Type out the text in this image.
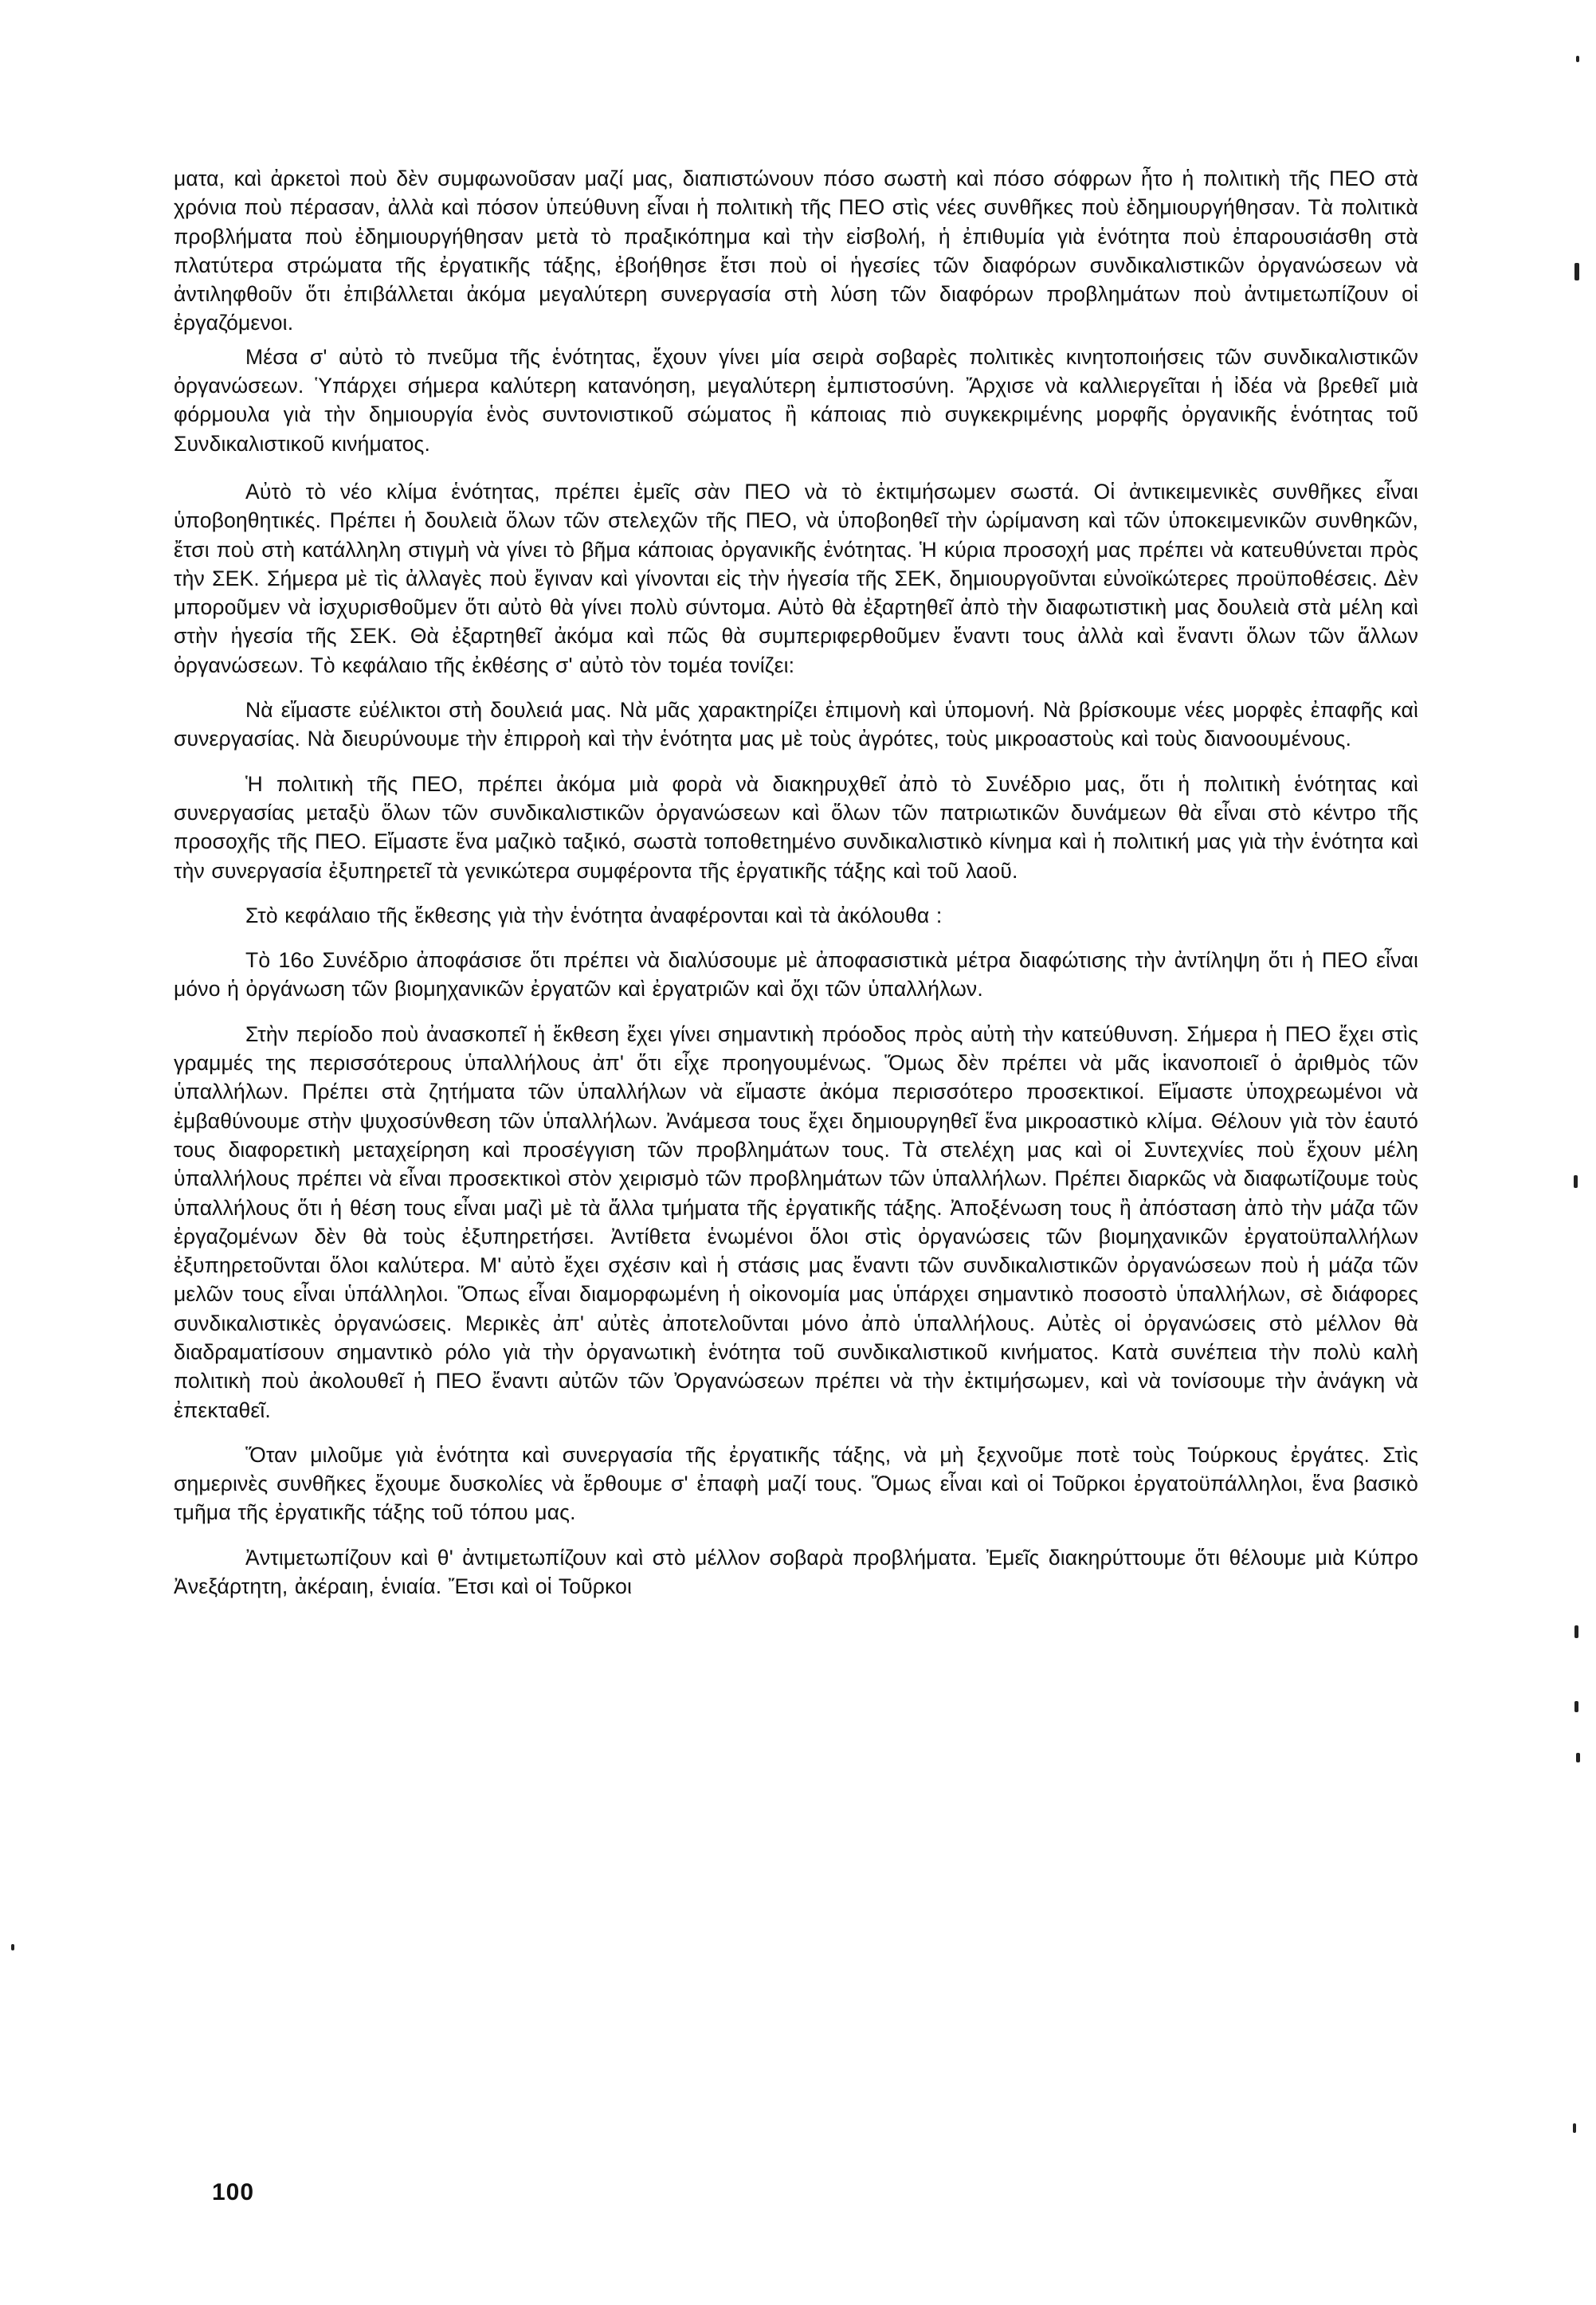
ματα, καὶ ἀρκετοὶ ποὺ δὲν συμφωνοῦσαν μαζί μας, διαπιστώνουν πόσο σωστὴ καὶ πόσο σόφρων ἦτο ἡ πολιτικὴ τῆς ΠΕΟ στὰ χρόνια ποὺ πέρασαν, ἀλλὰ καὶ πόσον ὑπεύθυνη εἶναι ἡ πολιτικὴ τῆς ΠΕΟ στὶς νέες συνθῆκες ποὺ ἐδημιουργήθησαν. Τὰ πολιτικὰ προβλήματα ποὺ ἐδημιουργήθησαν μετὰ τὸ πραξικόπημα καὶ τὴν εἰσβολή, ἡ ἐπιθυμία γιὰ ἑνότητα ποὺ ἐπαρουσιάσθη στὰ πλατύτερα στρώματα τῆς ἐργατικῆς τάξης, ἐβοήθησε ἔτσι ποὺ οἱ ἡγεσίες τῶν διαφόρων συνδικαλιστικῶν ὀργανώσεων νὰ ἀντιληφθοῦν ὅτι ἐπιβάλλεται ἀκόμα μεγαλύτερη συνεργασία στὴ λύση τῶν διαφόρων προβλημάτων ποὺ ἀντιμετωπίζουν οἱ ἐργαζόμενοι.

Μέσα σ' αὐτὸ τὸ πνεῦμα τῆς ἑνότητας, ἔχουν γίνει μία σειρὰ σοβαρὲς πολιτικὲς κινητοποιήσεις τῶν συνδικαλιστικῶν ὀργανώσεων. Ὑπάρχει σήμερα καλύτερη κατανόηση, μεγαλύτερη ἐμπιστοσύνη. Ἄρχισε νὰ καλλιεργεῖται ἡ ἰδέα νὰ βρεθεῖ μιὰ φόρμουλα γιὰ τὴν δημιουργία ἑνὸς συντονιστικοῦ σώματος ἢ κάποιας πιὸ συγκεκριμένης μορφῆς ὀργανικῆς ἑνότητας τοῦ Συνδικαλιστικοῦ κινήματος.

Αὐτὸ τὸ νέο κλίμα ἑνότητας, πρέπει ἐμεῖς σὰν ΠΕΟ νὰ τὸ ἐκτιμήσωμεν σωστά. Οἱ ἀντικειμενικὲς συνθῆκες εἶναι ὑποβοηθητικές. Πρέπει ἡ δουλειὰ ὅλων τῶν στελεχῶν τῆς ΠΕΟ, νὰ ὑποβοηθεῖ τὴν ὡρίμανση καὶ τῶν ὑποκειμενικῶν συνθηκῶν, ἔτσι ποὺ στὴ κατάλληλη στιγμὴ νὰ γίνει τὸ βῆμα κάποιας ὀργανικῆς ἑνότητας. Ἡ κύρια προσοχή μας πρέπει νὰ κατευθύνεται πρὸς τὴν ΣΕΚ. Σήμερα μὲ τὶς ἀλλαγὲς ποὺ ἔγιναν καὶ γίνονται εἰς τὴν ἡγεσία τῆς ΣΕΚ, δημιουργοῦνται εὐνοϊκώτερες προϋποθέσεις. Δὲν μποροῦμεν νὰ ἰσχυρισθοῦμεν ὅτι αὐτὸ θὰ γίνει πολὺ σύντομα. Αὐτὸ θὰ ἐξαρτηθεῖ ἀπὸ τὴν διαφωτιστικὴ μας δουλειὰ στὰ μέλη καὶ στὴν ἡγεσία τῆς ΣΕΚ. Θὰ ἐξαρτηθεῖ ἀκόμα καὶ πῶς θὰ συμπεριφερθοῦμεν ἔναντι τους ἀλλὰ καὶ ἔναντι ὅλων τῶν ἄλλων ὀργανώσεων. Τὸ κεφάλαιο τῆς ἐκθέσης σ' αὐτὸ τὸν τομέα τονίζει:

Νὰ εἴμαστε εὐέλικτοι στὴ δουλειά μας. Νὰ μᾶς χαρακτηρίζει ἐπιμονὴ καὶ ὑπομονή. Νὰ βρίσκουμε νέες μορφὲς ἐπαφῆς καὶ συνεργασίας. Νὰ διευρύνουμε τὴν ἐπιρροὴ καὶ τὴν ἑνότητα μας μὲ τοὺς ἀγρότες, τοὺς μικροαστοὺς καὶ τοὺς διανοουμένους.

Ἡ πολιτικὴ τῆς ΠΕΟ, πρέπει ἀκόμα μιὰ φορὰ νὰ διακηρυχθεῖ ἀπὸ τὸ Συνέδριο μας, ὅτι ἡ πολιτικὴ ἑνότητας καὶ συνεργασίας μεταξὺ ὅλων τῶν συνδικαλιστικῶν ὀργανώσεων καὶ ὅλων τῶν πατριωτικῶν δυνάμεων θὰ εἶναι στὸ κέντρο τῆς προσοχῆς τῆς ΠΕΟ. Εἴμαστε ἕνα μαζικὸ ταξικό, σωστὰ τοποθετημένο συνδικαλιστικὸ κίνημα καὶ ἡ πολιτική μας γιὰ τὴν ἑνότητα καὶ τὴν συνεργασία ἐξυπηρετεῖ τὰ γενικώτερα συμφέροντα τῆς ἐργατικῆς τάξης καὶ τοῦ λαοῦ.

Στὸ κεφάλαιο τῆς ἔκθεσης γιὰ τὴν ἑνότητα ἀναφέρονται καὶ τὰ ἀκόλουθα :

Τὸ 16ο Συνέδριο ἀποφάσισε ὅτι πρέπει νὰ διαλύσουμε μὲ ἀποφασιστικὰ μέτρα διαφώτισης τὴν ἀντίληψη ὅτι ἡ ΠΕΟ εἶναι μόνο ἡ ὀργάνωση τῶν βιομηχανικῶν ἐργατῶν καὶ ἐργατριῶν καὶ ὄχι τῶν ὑπαλλήλων.

Στὴν περίοδο ποὺ ἀνασκοπεῖ ἡ ἔκθεση ἔχει γίνει σημαντικὴ πρόοδος πρὸς αὐτὴ τὴν κατεύθυνση. Σήμερα ἡ ΠΕΟ ἔχει στὶς γραμμές της περισσότερους ὑπαλλήλους ἀπ' ὅτι εἶχε προηγουμένως. Ὅμως δὲν πρέπει νὰ μᾶς ἱκανοποιεῖ ὁ ἀριθμὸς τῶν ὑπαλλήλων. Πρέπει στὰ ζητήματα τῶν ὑπαλλήλων νὰ εἴμαστε ἀκόμα περισσότερο προσεκτικοί. Εἴμαστε ὑποχρεωμένοι νὰ ἐμβαθύνουμε στὴν ψυχοσύνθεση τῶν ὑπαλλήλων. Ἀνάμεσα τους ἔχει δημιουργηθεῖ ἕνα μικροαστικὸ κλίμα. Θέλουν γιὰ τὸν ἑαυτό τους διαφορετικὴ μεταχείρηση καὶ προσέγγιση τῶν προβλημάτων τους. Τὰ στελέχη μας καὶ οἱ Συντεχνίες ποὺ ἔχουν μέλη ὑπαλλήλους πρέπει νὰ εἶναι προσεκτικοὶ στὸν χειρισμὸ τῶν προβλημάτων τῶν ὑπαλλήλων. Πρέπει διαρκῶς νὰ διαφωτίζουμε τοὺς ὑπαλλήλους ὅτι ἡ θέση τους εἶναι μαζὶ μὲ τὰ ἄλλα τμήματα τῆς ἐργατικῆς τάξης. Ἀποξένωση τους ἢ ἀπόσταση ἀπὸ τὴν μάζα τῶν ἐργαζομένων δὲν θὰ τοὺς ἐξυπηρετήσει. Ἀντίθετα ἑνωμένοι ὅλοι στὶς ὀργανώσεις τῶν βιομηχανικῶν ἐργατοϋπαλλήλων ἐξυπηρετοῦνται ὅλοι καλύτερα. Μ' αὐτὸ ἔχει σχέσιν καὶ ἡ στάσις μας ἔναντι τῶν συνδικαλιστικῶν ὀργανώσεων ποὺ ἡ μάζα τῶν μελῶν τους εἶναι ὑπάλληλοι. Ὅπως εἶναι διαμορφωμένη ἡ οἰκονομία μας ὑπάρχει σημαντικὸ ποσοστὸ ὑπαλλήλων, σὲ διάφορες συνδικαλιστικὲς ὀργανώσεις. Μερικὲς ἀπ' αὐτὲς ἀποτελοῦνται μόνο ἀπὸ ὑπαλλήλους. Αὐτὲς οἱ ὀργανώσεις στὸ μέλλον θὰ διαδραματίσουν σημαντικὸ ρόλο γιὰ τὴν ὀργανωτικὴ ἑνότητα τοῦ συνδικαλιστικοῦ κινήματος. Κατὰ συνέπεια τὴν πολὺ καλὴ πολιτικὴ ποὺ ἀκολουθεῖ ἡ ΠΕΟ ἔναντι αὐτῶν τῶν Ὀργανώσεων πρέπει νὰ τὴν ἐκτιμήσωμεν, καὶ νὰ τονίσουμε τὴν ἀνάγκη νὰ ἐπεκταθεῖ.

Ὅταν μιλοῦμε γιὰ ἑνότητα καὶ συνεργασία τῆς ἐργατικῆς τάξης, νὰ μὴ ξεχνοῦμε ποτὲ τοὺς Τούρκους ἐργάτες. Στὶς σημερινὲς συνθῆκες ἔχουμε δυσκολίες νὰ ἔρθουμε σ' ἐπαφὴ μαζί τους. Ὅμως εἶναι καὶ οἱ Τοῦρκοι ἐργατοϋπάλληλοι, ἕνα βασικὸ τμῆμα τῆς ἐργατικῆς τάξης τοῦ τόπου μας.

Ἀντιμετωπίζουν καὶ θ' ἀντιμετωπίζουν καὶ στὸ μέλλον σοβαρὰ προβλήματα. Ἐμεῖς διακηρύττουμε ὅτι θέλουμε μιὰ Κύπρο Ἀνεξάρτητη, ἀκέραιη, ἑνιαία. Ἔτσι καὶ οἱ Τοῦρκοι

100
